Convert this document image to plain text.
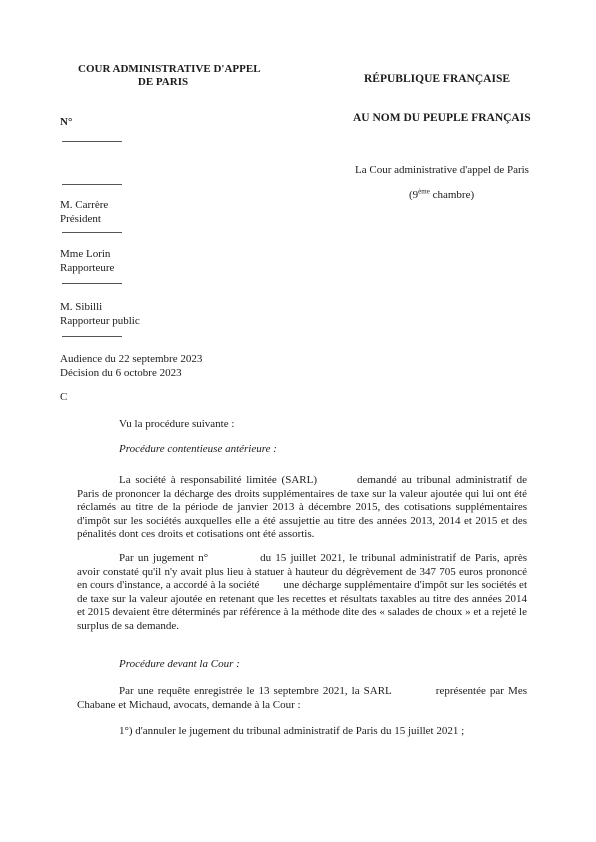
COUR ADMINISTRATIVE D'APPEL
DE PARIS	RÉPUBLIQUE FRANÇAISE
AU NOM DU PEUPLE FRANÇAIS
N°
La Cour administrative d'appel de Paris
(9ème chambre)
M. Carrère
Président
Mme Lorin
Rapporteure
M. Sibilli
Rapporteur public
Audience du 22 septembre 2023
Décision du 6 octobre 2023
C
Vu la procédure suivante :
Procédure contentieuse antérieure :
La société à responsabilité limitée (SARL)	demandé au tribunal administratif de Paris de prononcer la décharge des droits supplémentaires de taxe sur la valeur ajoutée qui lui ont été réclamés au titre de la période de janvier 2013 à décembre 2015, des cotisations supplémentaires d'impôt sur les sociétés auxquelles elle a été assujettie au titre des années 2013, 2014 et 2015 et des pénalités dont ces droits et cotisations ont été assortis.
Par un jugement n°	du 15 juillet 2021, le tribunal administratif de Paris, après avoir constaté qu'il n'y avait plus lieu à statuer à hauteur du dégrèvement de 347 705 euros prononcé en cours d'instance, a accordé à la société une décharge supplémentaire d'impôt sur les sociétés et de taxe sur la valeur ajoutée en retenant que les recettes et résultats taxables au titre des années 2014 et 2015 devaient être déterminés par référence à la méthode dite des « salades de choux » et a rejeté le surplus de sa demande.
Procédure devant la Cour :
Par une requête enregistrée le 13 septembre 2021, la SARL	représentée par Mes Chabane et Michaud, avocats, demande à la Cour :
1°) d'annuler le jugement du tribunal administratif de Paris du 15 juillet 2021 ;
